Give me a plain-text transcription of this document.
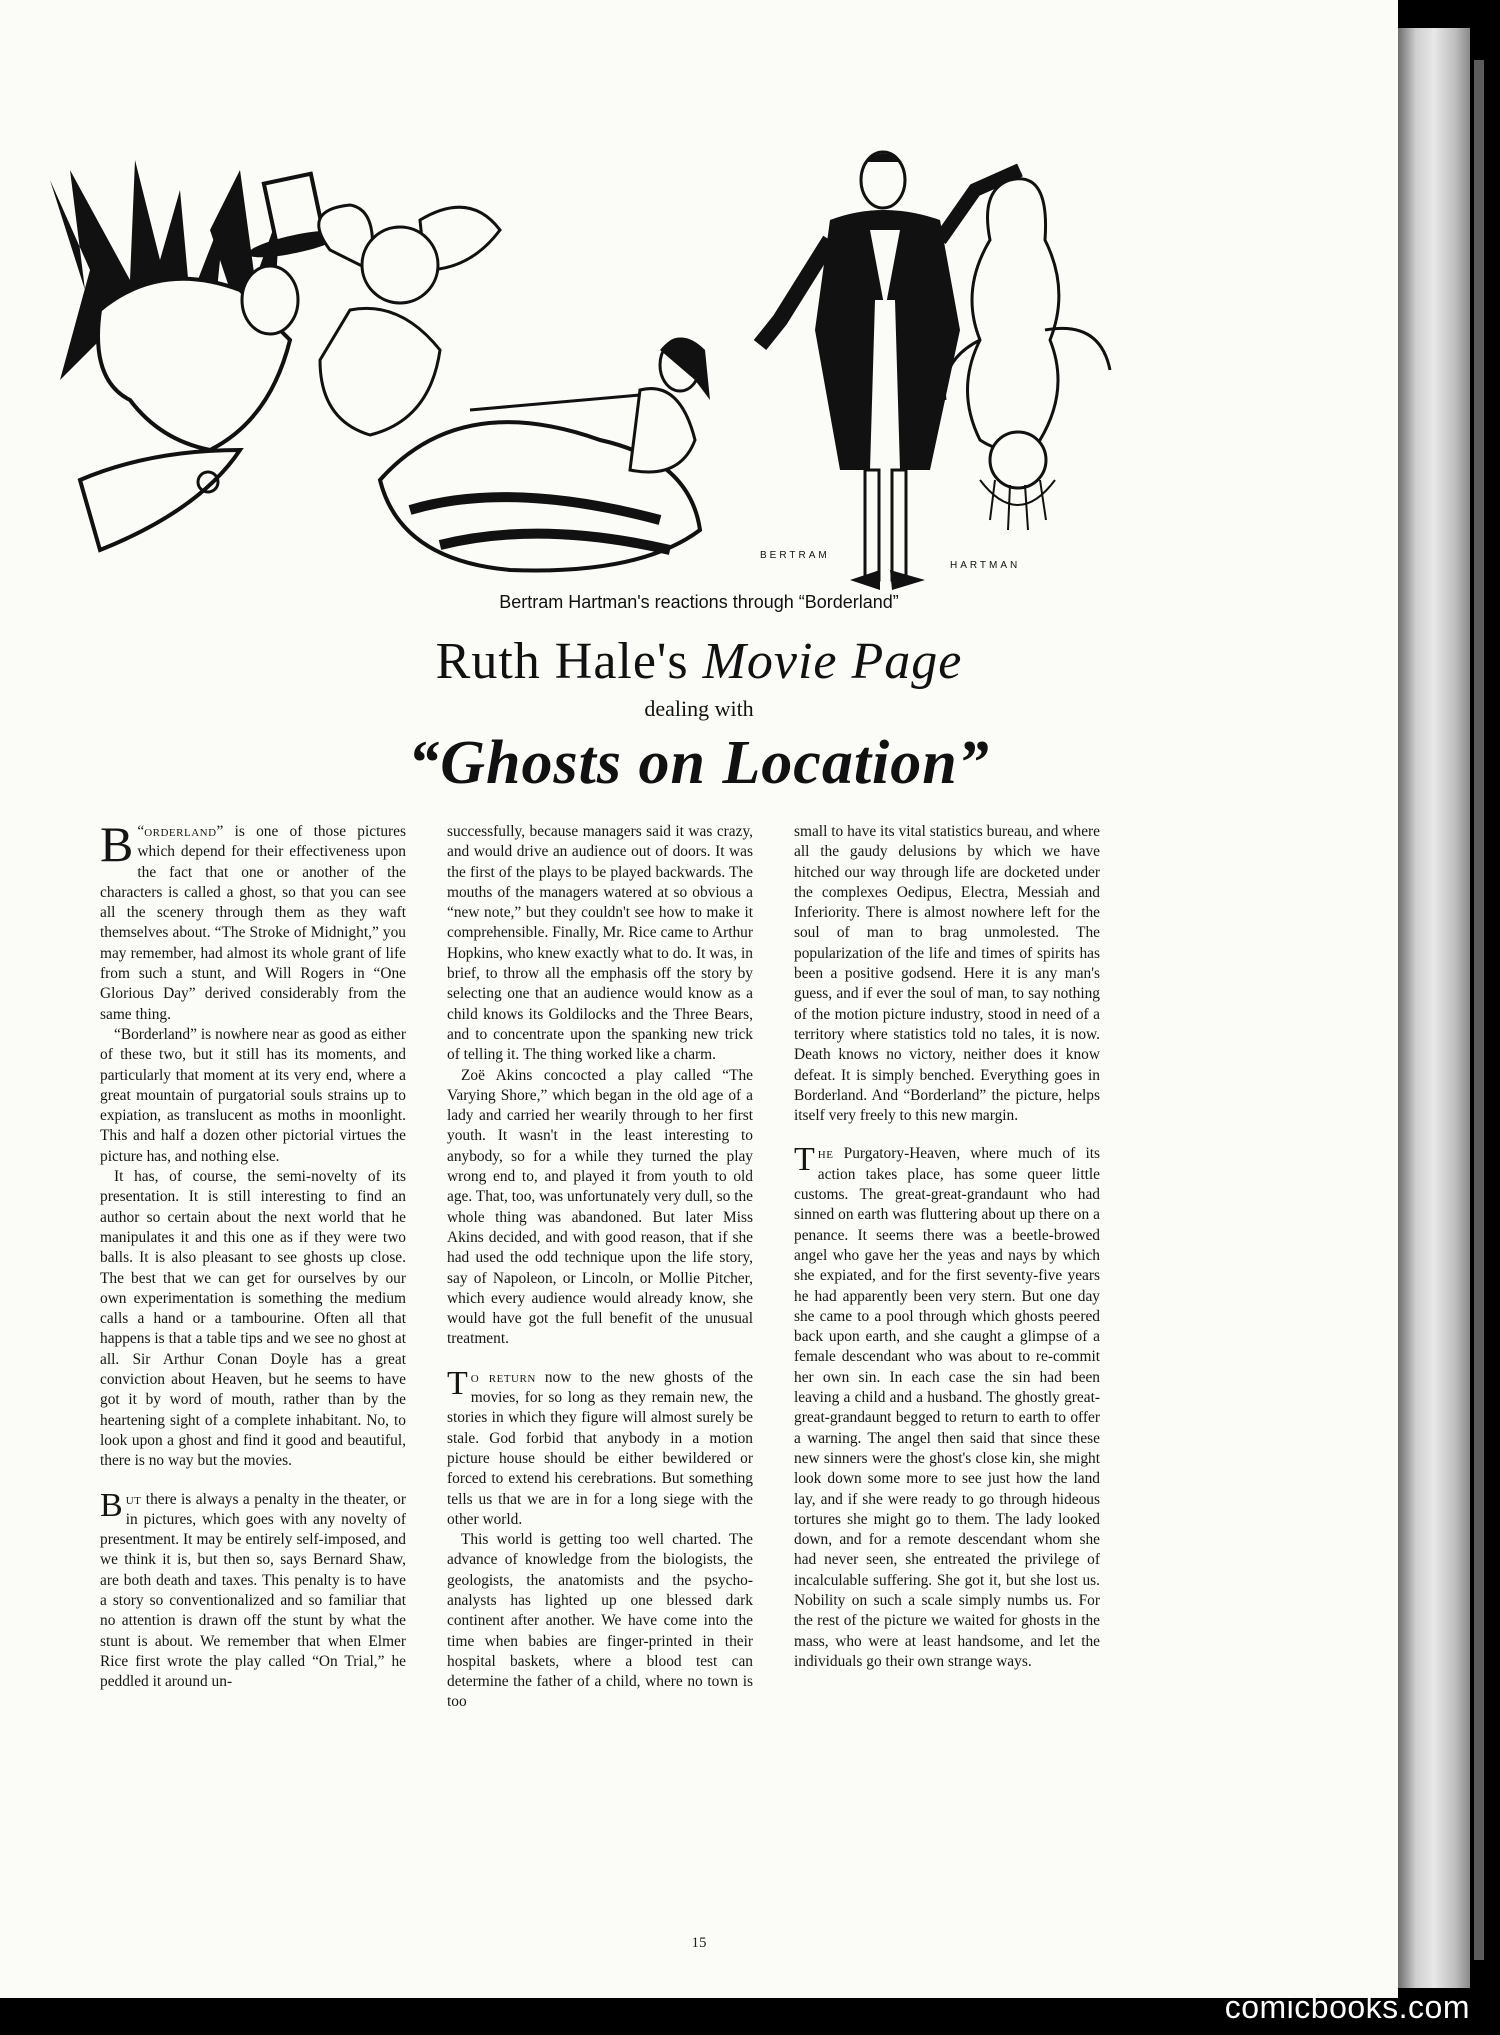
BERTRAM
HARTMAN
Bertram Hartman's reactions through “Borderland”
Ruth Hale's Movie Page
dealing with
“Ghosts on Location”

“
B orderland” is one of those pictures which depend for their effectiveness upon the fact that one or another of the characters is called a ghost, so that you can see all the scenery through them as they waft themselves about. “The Stroke of Midnight,” you may remember, had almost its whole grant of life from such a stunt, and Will Rogers in “One Glorious Day” derived considerably from the same thing.

“Borderland” is nowhere near as good as either of these two, but it still has its moments, and particularly that moment at its very end, where a great mountain of purgatorial souls strains up to expiation, as translucent as moths in moonlight. This and half a dozen other pictorial virtues the picture has, and nothing else.

It has, of course, the semi-novelty of its presentation. It is still interesting to find an author so certain about the next world that he manipulates it and this one as if they were two balls. It is also pleasant to see ghosts up close. The best that we can get for ourselves by our own experimentation is something the medium calls a hand or a tambourine. Often all that happens is that a table tips and we see no ghost at all. Sir Arthur Conan Doyle has a great conviction about Heaven, but he seems to have got it by word of mouth, rather than by the heartening sight of a complete inhabitant. No, to look upon a ghost and find it good and beautiful, there is no way but the movies.

But there is always a penalty in the theater, or in pictures, which goes with any novelty of presentment. It may be entirely self-imposed, and we think it is, but then so, says Bernard Shaw, are both death and taxes. This penalty is to have a story so conventionalized and so familiar that no attention is drawn off the stunt by what the stunt is about. We remember that when Elmer Rice first wrote the play called “On Trial,” he peddled it around un-

successfully, because managers said it was crazy, and would drive an audience out of doors. It was the first of the plays to be played backwards. The mouths of the managers watered at so obvious a “new note,” but they couldn't see how to make it comprehensible. Finally, Mr. Rice came to Arthur Hopkins, who knew exactly what to do. It was, in brief, to throw all the emphasis off the story by selecting one that an audience would know as a child knows its Goldilocks and the Three Bears, and to concentrate upon the spanking new trick of telling it. The thing worked like a charm.

Zoë Akins concocted a play called “The Varying Shore,” which began in the old age of a lady and carried her wearily through to her first youth. It wasn't in the least interesting to anybody, so for a while they turned the play wrong end to, and played it from youth to old age. That, too, was unfortunately very dull, so the whole thing was abandoned. But later Miss Akins decided, and with good reason, that if she had used the odd technique upon the life story, say of Napoleon, or Lincoln, or Mollie Pitcher, which every audience would already know, she would have got the full benefit of the unusual treatment.

To return now to the new ghosts of the movies, for so long as they remain new, the stories in which they figure will almost surely be stale. God forbid that anybody in a motion picture house should be either bewildered or forced to extend his cerebrations. But something tells us that we are in for a long siege with the other world.

This world is getting too well charted. The advance of knowledge from the biologists, the geologists, the anatomists and the psycho-analysts has lighted up one blessed dark continent after another. We have come into the time when babies are finger-printed in their hospital baskets, where a blood test can determine the father of a child, where no town is too

small to have its vital statistics bureau, and where all the gaudy delusions by which we have hitched our way through life are docketed under the complexes Oedipus, Electra, Messiah and Inferiority. There is almost nowhere left for the soul of man to brag unmolested. The popularization of the life and times of spirits has been a positive godsend. Here it is any man's guess, and if ever the soul of man, to say nothing of the motion picture industry, stood in need of a territory where statistics told no tales, it is now. Death knows no victory, neither does it know defeat. It is simply benched. Everything goes in Borderland. And “Borderland” the picture, helps itself very freely to this new margin.

The Purgatory-Heaven, where much of its action takes place, has some queer little customs. The great-great-grandaunt who had sinned on earth was fluttering about up there on a penance. It seems there was a beetle-browed angel who gave her the yeas and nays by which she expiated, and for the first seventy-five years he had apparently been very stern. But one day she came to a pool through which ghosts peered back upon earth, and she caught a glimpse of a female descendant who was about to re-commit her own sin. In each case the sin had been leaving a child and a husband. The ghostly great-great-grandaunt begged to return to earth to offer a warning. The angel then said that since these new sinners were the ghost's close kin, she might look down some more to see just how the land lay, and if she were ready to go through hideous tortures she might go to them. The lady looked down, and for a remote descendant whom she had never seen, she entreated the privilege of incalculable suffering. She got it, but she lost us. Nobility on such a scale simply numbs us. For the rest of the picture we waited for ghosts in the mass, who were at least handsome, and let the individuals go their own strange ways.

15
comicbooks.com
